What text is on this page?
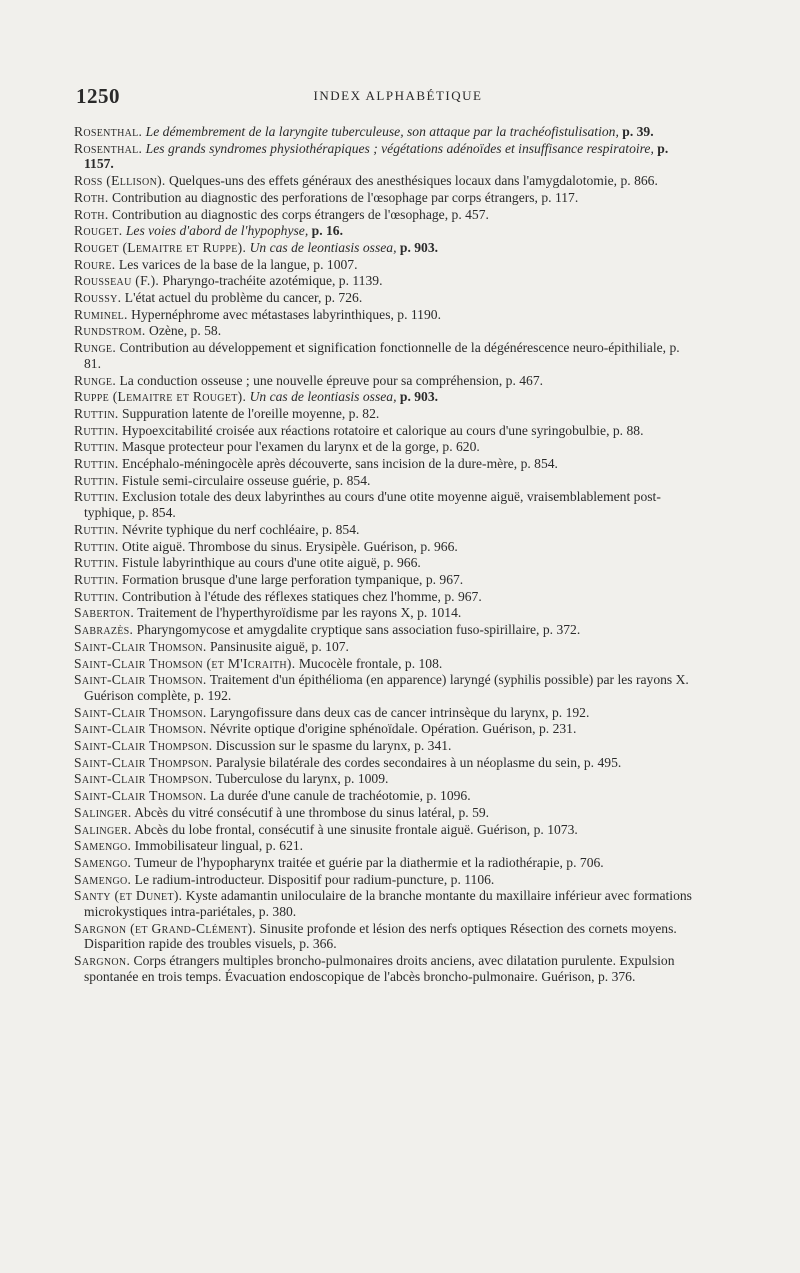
1250	INDEX ALPHABÉTIQUE

Rosenthal. Le démembrement de la laryngite tuberculeuse, son attaque par la trachéofistulisation, p. 39.

Rosenthal. Les grands syndromes physiothérapiques ; végétations adénoïdes et insuffisance respiratoire, p. 1157.

Ross (Ellison). Quelques-uns des effets généraux des anesthésiques locaux dans l'amygdalotomie, p. 866.

Roth. Contribution au diagnostic des perforations de l'œsophage par corps étrangers, p. 117.

Roth. Contribution au diagnostic des corps étrangers de l'œsophage, p. 457.

Rouget. Les voies d'abord de l'hypophyse, p. 16.

Rouget (Lemaitre et Ruppe). Un cas de leontiasis ossea, p. 903.

Roure. Les varices de la base de la langue, p. 1007.

Rousseau (F.). Pharyngo-trachéite azotémique, p. 1139.

Roussy. L'état actuel du problème du cancer, p. 726.

Ruminel. Hypernéphrome avec métastases labyrinthiques, p. 1190.

Rundstrom. Ozène, p. 58.

Runge. Contribution au développement et signification fonctionnelle de la dégénérescence neuro-épithiliale, p. 81.

Runge. La conduction osseuse ; une nouvelle épreuve pour sa compréhension, p. 467.

Ruppe (Lemaitre et Rouget). Un cas de leontiasis ossea, p. 903.

Ruttin. Suppuration latente de l'oreille moyenne, p. 82.

Ruttin. Hypoexcitabilité croisée aux réactions rotatoire et calorique au cours d'une syringobulbie, p. 88.

Ruttin. Masque protecteur pour l'examen du larynx et de la gorge, p. 620.

Ruttin. Encéphalo-méningocèle après découverte, sans incision de la dure-mère, p. 854.

Ruttin. Fistule semi-circulaire osseuse guérie, p. 854.

Ruttin. Exclusion totale des deux labyrinthes au cours d'une otite moyenne aiguë, vraisemblablement post-typhique, p. 854.

Ruttin. Névrite typhique du nerf cochléaire, p. 854.

Ruttin. Otite aiguë. Thrombose du sinus. Erysipèle. Guérison, p. 966.

Ruttin. Fistule labyrinthique au cours d'une otite aiguë, p. 966.

Ruttin. Formation brusque d'une large perforation tympanique, p. 967.

Ruttin. Contribution à l'étude des réflexes statiques chez l'homme, p. 967.

Saberton. Traitement de l'hyperthyroïdisme par les rayons X, p. 1014.

Sabrazès. Pharyngomycose et amygdalite cryptique sans association fuso-spirillaire, p. 372.

Saint-Clair Thomson. Pansinusite aiguë, p. 107.

Saint-Clair Thomson (et M'Icraith). Mucocèle frontale, p. 108.

Saint-Clair Thomson. Traitement d'un épithélioma (en apparence) laryngé (syphilis possible) par les rayons X. Guérison complète, p. 192.

Saint-Clair Thomson. Laryngofissure dans deux cas de cancer intrinsèque du larynx, p. 192.

Saint-Clair Thomson. Névrite optique d'origine sphénoïdale. Opération. Guérison, p. 231.

Saint-Clair Thompson. Discussion sur le spasme du larynx, p. 341.

Saint-Clair Thompson. Paralysie bilatérale des cordes secondaires à un néoplasme du sein, p. 495.

Saint-Clair Thompson. Tuberculose du larynx, p. 1009.

Saint-Clair Thomson. La durée d'une canule de trachéotomie, p. 1096.

Salinger. Abcès du vitré consécutif à une thrombose du sinus latéral, p. 59.

Salinger. Abcès du lobe frontal, consécutif à une sinusite frontale aiguë. Guérison, p. 1073.

Samengo. Immobilisateur lingual, p. 621.

Samengo. Tumeur de l'hypopharynx traitée et guérie par la diathermie et la radiothérapie, p. 706.

Samengo. Le radium-introducteur. Dispositif pour radium-puncture, p. 1106.

Santy (et Dunet). Kyste adamantin uniloculaire de la branche montante du maxillaire inférieur avec formations microkystiques intra-pariétales, p. 380.

Sargnon (et Grand-Clément). Sinusite profonde et lésion des nerfs optiques Résection des cornets moyens. Disparition rapide des troubles visuels, p. 366.

Sargnon. Corps étrangers multiples broncho-pulmonaires droits anciens, avec dilatation purulente. Expulsion spontanée en trois temps. Évacuation endoscopique de l'abcès broncho-pulmonaire. Guérison, p. 376.
